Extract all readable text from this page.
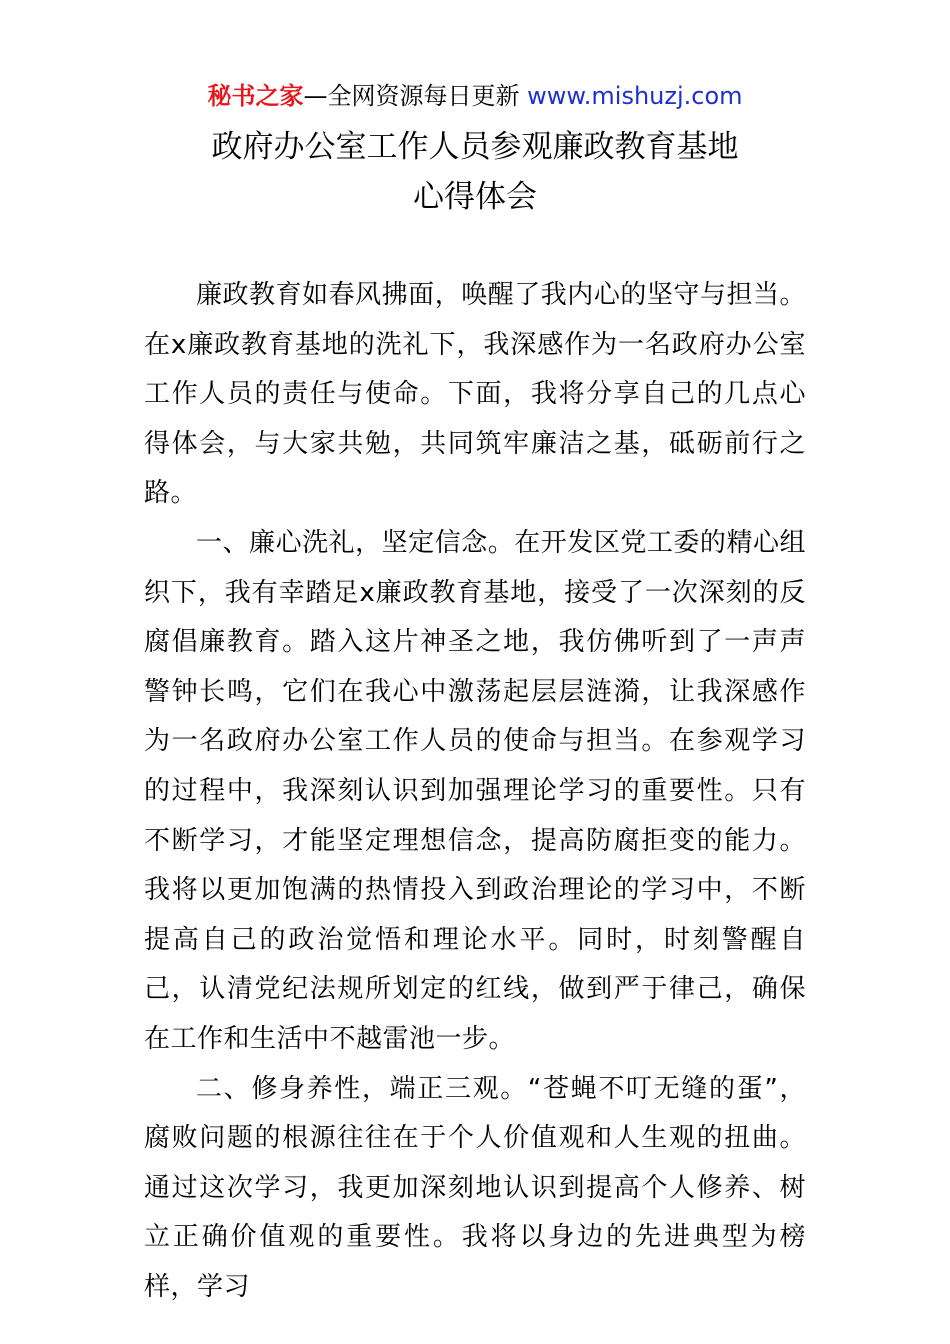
秘书之家—全网资源每日更新 www.mishuzj.com
政府办公室工作人员参观廉政教育基地
心得体会

廉政教育如春风拂面，唤醒了我内心的坚守与担当。在x廉政教育基地的洗礼下，我深感作为一名政府办公室工作人员的责任与使命。下面，我将分享自己的几点心得体会，与大家共勉，共同筑牢廉洁之基，砥砺前行之路。

一、廉心洗礼，坚定信念。在开发区党工委的精心组织下，我有幸踏足x廉政教育基地，接受了一次深刻的反腐倡廉教育。踏入这片神圣之地，我仿佛听到了一声声警钟长鸣，它们在我心中激荡起层层涟漪，让我深感作为一名政府办公室工作人员的使命与担当。在参观学习的过程中，我深刻认识到加强理论学习的重要性。只有不断学习，才能坚定理想信念，提高防腐拒变的能力。我将以更加饱满的热情投入到政治理论的学习中，不断提高自己的政治觉悟和理论水平。同时，时刻警醒自己，认清党纪法规所划定的红线，做到严于律己，确保在工作和生活中不越雷池一步。

二、修身养性，端正三观。“苍蝇不叮无缝的蛋”，腐败问题的根源往往在于个人价值观和人生观的扭曲。通过这次学习，我更加深刻地认识到提高个人修养、树立正确价值观的重要性。我将以身边的先进典型为榜样，学习
